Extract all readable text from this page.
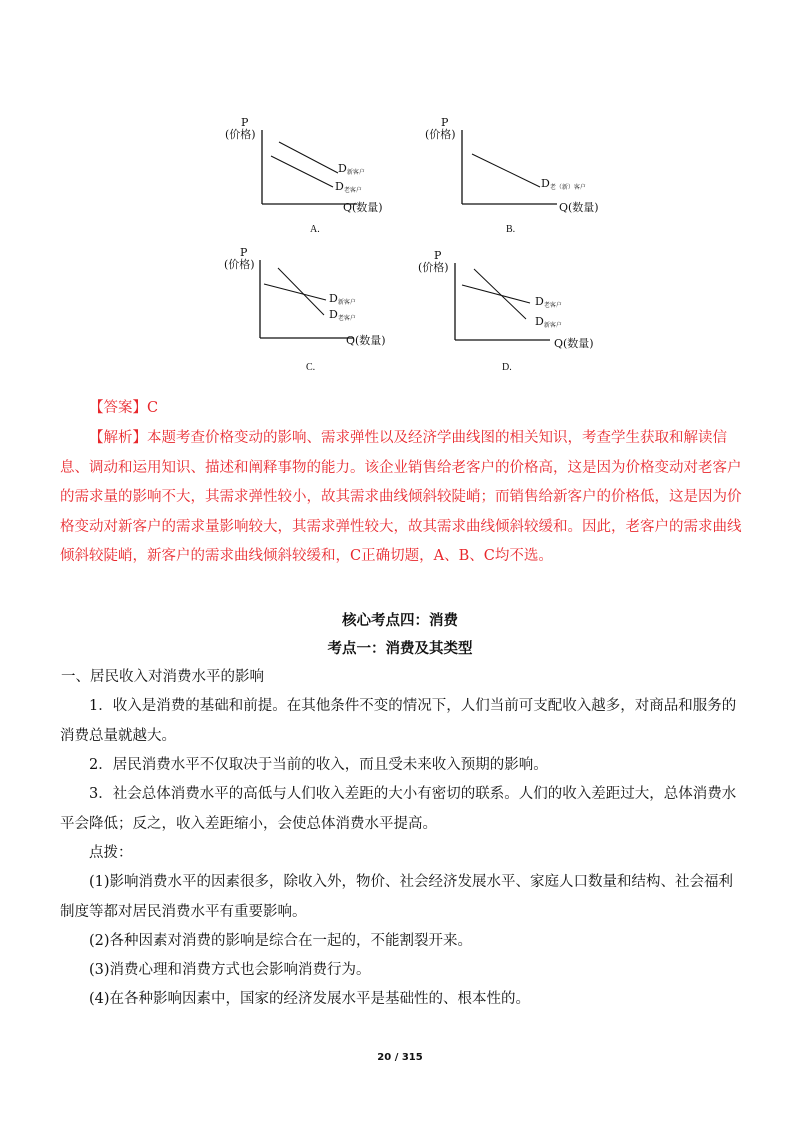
P
(价格)
D新客户
D老客户
Q(数量)
A.
P
(价格)
D老（新）客户
Q(数量)
B.
P
(价格)
D新客户
D老客户
Q(数量)
C.
P
(价格)
D老客户
D新客户
Q(数量)
D.
【答案】C
【解析】本题考查价格变动的影响、需求弹性以及经济学曲线图的相关知识，考查学生获取和解读信息、调动和运用知识、描述和阐释事物的能力。该企业销售给老客户的价格高，这是因为价格变动对老客户的需求量的影响不大，其需求弹性较小，故其需求曲线倾斜较陡峭；而销售给新客户的价格低，这是因为价格变动对新客户的需求量影响较大，其需求弹性较大，故其需求曲线倾斜较缓和。因此，老客户的需求曲线倾斜较陡峭，新客户的需求曲线倾斜较缓和，C正确切题，A、B、C均不选。
核心考点四：消费
考点一：消费及其类型
一、居民收入对消费水平的影响
1．收入是消费的基础和前提。在其他条件不变的情况下，人们当前可支配收入越多，对商品和服务的消费总量就越大。
2．居民消费水平不仅取决于当前的收入，而且受未来收入预期的影响。
3．社会总体消费水平的高低与人们收入差距的大小有密切的联系。人们的收入差距过大，总体消费水平会降低；反之，收入差距缩小，会使总体消费水平提高。
点拨：
(1)影响消费水平的因素很多，除收入外，物价、社会经济发展水平、家庭人口数量和结构、社会福利制度等都对居民消费水平有重要影响。
(2)各种因素对消费的影响是综合在一起的，不能割裂开来。
(3)消费心理和消费方式也会影响消费行为。
(4)在各种影响因素中，国家的经济发展水平是基础性的、根本性的。
20 / 315
